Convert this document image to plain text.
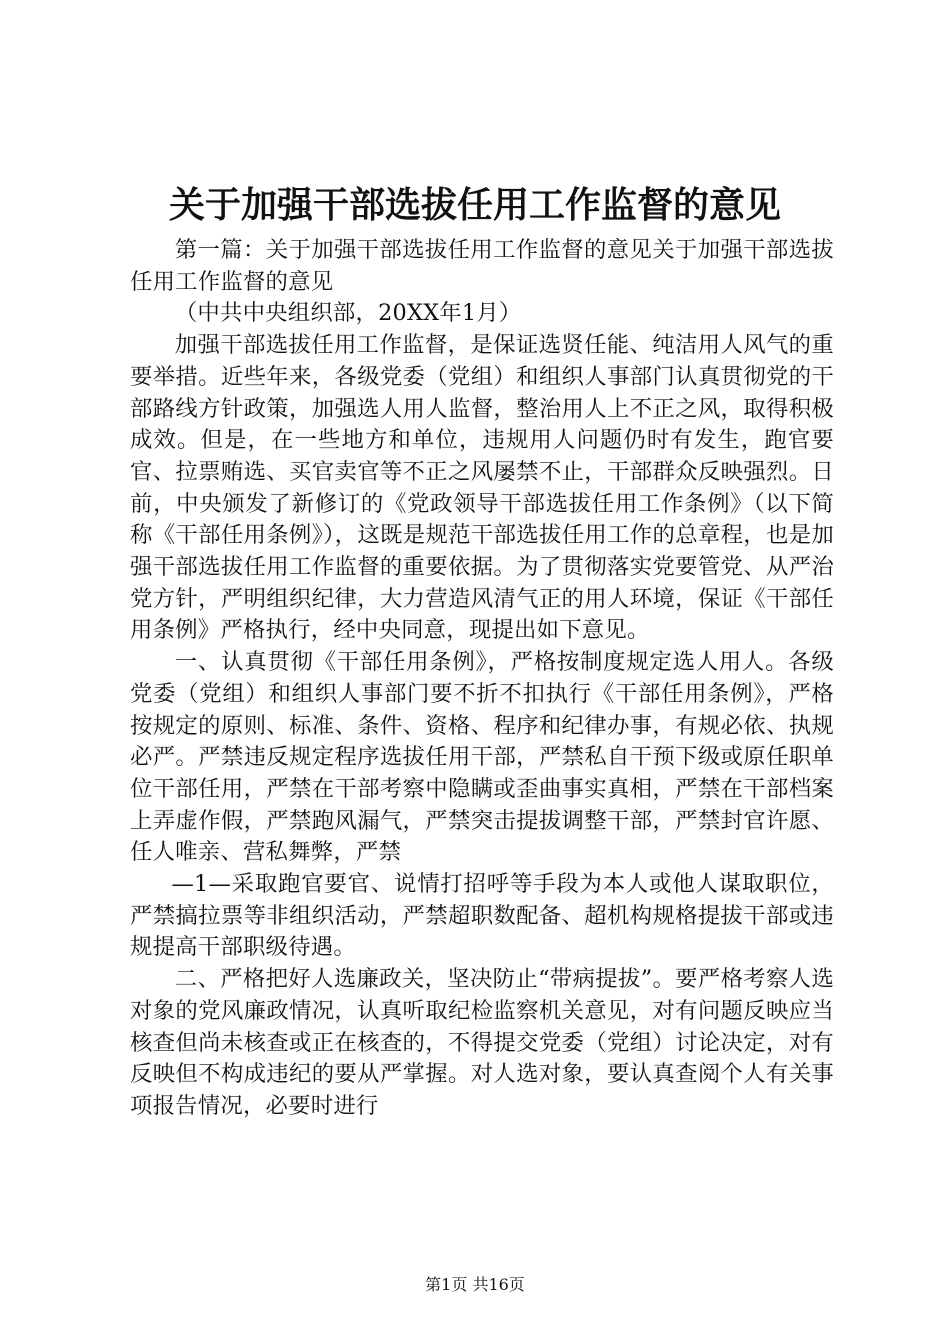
关于加强干部选拔任用工作监督的意见

第一篇：关于加强干部选拔任用工作监督的意见关于加强干部选拔任用工作监督的意见

（中共中央组织部，20XX年1月）

加强干部选拔任用工作监督，是保证选贤任能、纯洁用人风气的重要举措。近些年来，各级党委（党组）和组织人事部门认真贯彻党的干部路线方针政策，加强选人用人监督，整治用人上不正之风，取得积极成效。但是，在一些地方和单位，违规用人问题仍时有发生，跑官要官、拉票贿选、买官卖官等不正之风屡禁不止，干部群众反映强烈。日前，中央颁发了新修订的《党政领导干部选拔任用工作条例》（以下简称《干部任用条例》），这既是规范干部选拔任用工作的总章程，也是加强干部选拔任用工作监督的重要依据。为了贯彻落实党要管党、从严治党方针，严明组织纪律，大力营造风清气正的用人环境，保证《干部任用条例》严格执行，经中央同意，现提出如下意见。

一、认真贯彻《干部任用条例》，严格按制度规定选人用人。各级党委（党组）和组织人事部门要不折不扣执行《干部任用条例》，严格按规定的原则、标准、条件、资格、程序和纪律办事，有规必依、执规必严。严禁违反规定程序选拔任用干部，严禁私自干预下级或原任职单位干部任用，严禁在干部考察中隐瞒或歪曲事实真相，严禁在干部档案上弄虚作假，严禁跑风漏气，严禁突击提拔调整干部，严禁封官许愿、任人唯亲、营私舞弊，严禁

—1—采取跑官要官、说情打招呼等手段为本人或他人谋取职位，严禁搞拉票等非组织活动，严禁超职数配备、超机构规格提拔干部或违规提高干部职级待遇。

二、严格把好人选廉政关，坚决防止“带病提拔”。要严格考察人选对象的党风廉政情况，认真听取纪检监察机关意见，对有问题反映应当核查但尚未核查或正在核查的，不得提交党委（党组）讨论决定，对有反映但不构成违纪的要从严掌握。对人选对象，要认真查阅个人有关事项报告情况，必要时进行

第1页 共16页
